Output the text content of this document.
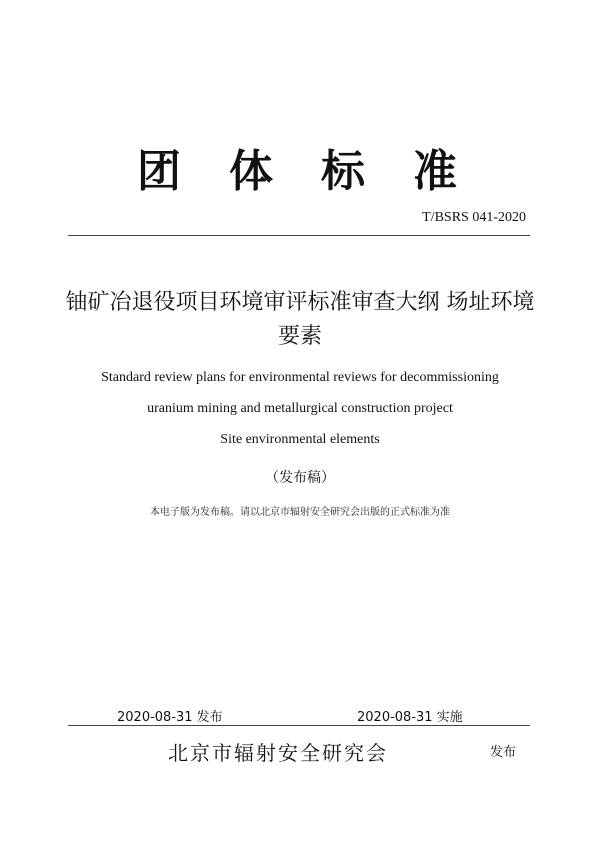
团体标准
T/BSRS 041-2020
铀矿冶退役项目环境审评标准审查大纲 场址环境要素
Standard review plans for environmental reviews for decommissioning
uranium mining and metallurgical construction project
Site environmental elements
（发布稿）
本电子版为发布稿。请以北京市辐射安全研究会出版的正式标准为准
2020-08-31 发布	2020-08-31 实施
北京市辐射安全研究会	发布
